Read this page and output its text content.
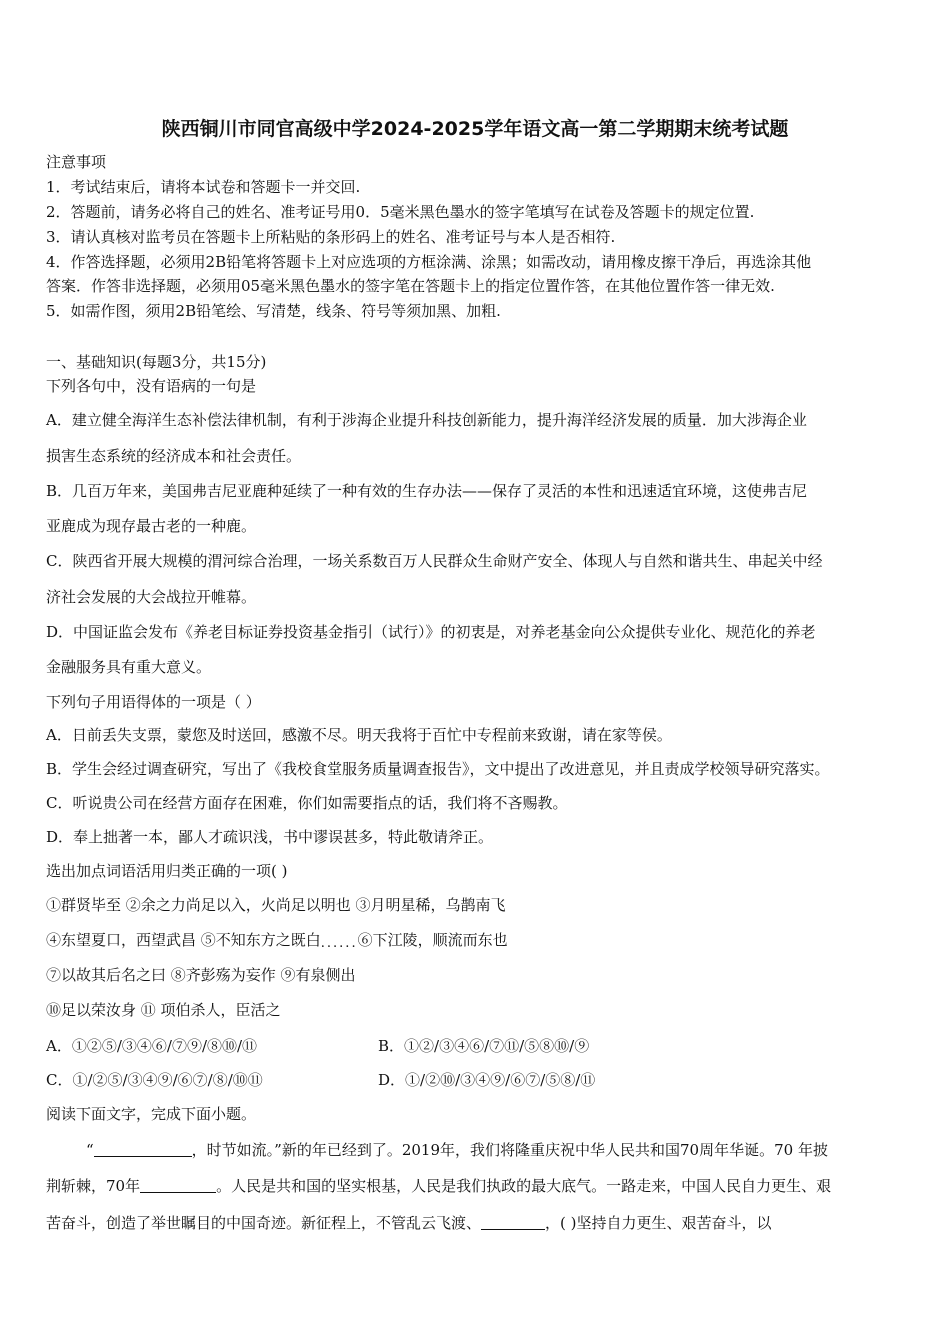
陕西铜川市同官高级中学2024-2025学年语文高一第二学期期末统考试题
注意事项
1．考试结束后，请将本试卷和答题卡一并交回.
2．答题前，请务必将自己的姓名、准考证号用0．5毫米黑色墨水的签字笔填写在试卷及答题卡的规定位置.
3．请认真核对监考员在答题卡上所粘贴的条形码上的姓名、准考证号与本人是否相符.
4．作答选择题，必须用2B铅笔将答题卡上对应选项的方框涂满、涂黑；如需改动，请用橡皮擦干净后，再选涂其他
答案．作答非选择题，必须用05毫米黑色墨水的签字笔在答题卡上的指定位置作答，在其他位置作答一律无效.
5．如需作图，须用2B铅笔绘、写清楚，线条、符号等须加黑、加粗.
一、基础知识(每题3分，共15分)
下列各句中，没有语病的一句是
A．建立健全海洋生态补偿法律机制，有利于涉海企业提升科技创新能力，提升海洋经济发展的质量．加大涉海企业
损害生态系统的经济成本和社会责任。
B．几百万年来，美国弗吉尼亚鹿种延续了一种有效的生存办法——保存了灵活的本性和迅速适宜环境，这使弗吉尼
亚鹿成为现存最古老的一种鹿。
C．陕西省开展大规模的渭河综合治理，一场关系数百万人民群众生命财产安全、体现人与自然和谐共生、串起关中经
济社会发展的大会战拉开帷幕。
D．中国证监会发布《养老目标证券投资基金指引（试行）》的初衷是，对养老基金向公众提供专业化、规范化的养老
金融服务具有重大意义。
下列句子用语得体的一项是（ ）
A．日前丢失支票，蒙您及时送回，感激不尽。明天我将于百忙中专程前来致谢，请在家等侯。
B．学生会经过调查研究，写出了《我校食堂服务质量调查报告》，文中提出了改进意见，并且责成学校领导研究落实。
C．听说贵公司在经营方面存在困难，你们如需要指点的话，我们将不吝赐教。
D．奉上拙著一本，鄙人才疏识浅，书中谬误甚多，特此敬请斧正。
选出加点词语活用归类正确的一项( )
①群贤毕至 ②余之力尚足以入，火尚足以明也 ③月明星稀，乌鹊南飞
④东望夏口，西望武昌 ⑤不知东方之既白......⑥下江陵，顺流而东也
⑦以故其后名之曰 ⑧齐彭殇为妄作 ⑨有泉侧出
⑩足以荣汝身 ⑪ 项伯杀人，臣活之
A．①②⑤/③④⑥/⑦⑨/⑧⑩/⑪	B．①②/③④⑥/⑦⑪/⑤⑧⑩/⑨
C．①/②⑤/③④⑨/⑥⑦/⑧/⑩⑪	D．①/②⑩/③④⑨/⑥⑦/⑤⑧/⑪
阅读下面文字，完成下面小题。
“	，时节如流。”新的年已经到了。2019年，我们将隆重庆祝中华人民共和国70周年华诞。70 年披
荆斩棘，70年	。人民是共和国的坚实根基，人民是我们执政的最大底气。一路走来，中国人民自力更生、艰
苦奋斗，创造了举世瞩目的中国奇迹。新征程上，不管乱云飞渡、	，( )坚持自力更生、艰苦奋斗，以
